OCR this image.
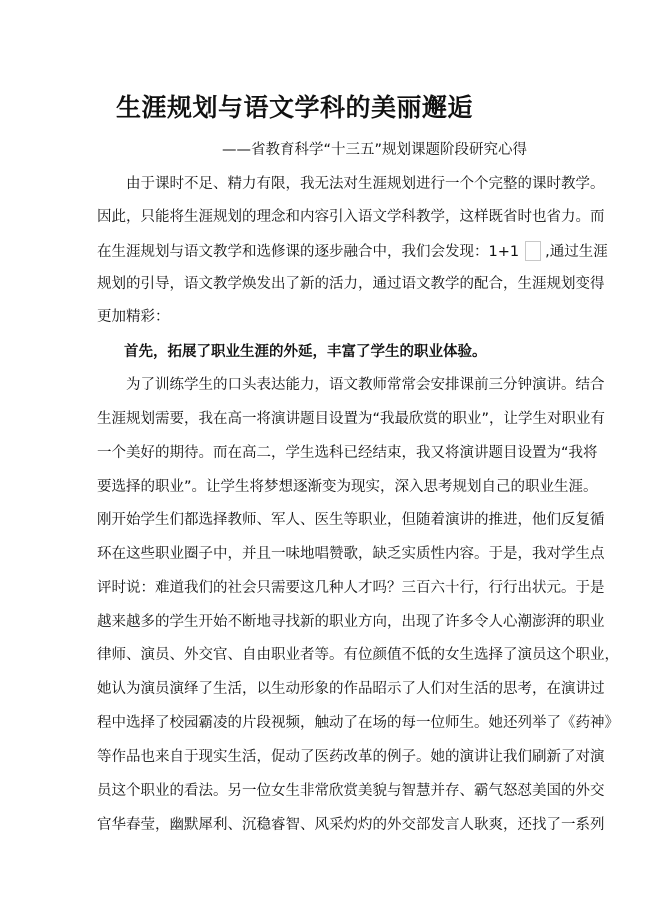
生涯规划与语文学科的美丽邂逅

——省教育科学“十三五”规划课题阶段研究心得

由于课时不足、精力有限，我无法对生涯规划进行一个个完整的课时教学。
因此，只能将生涯规划的理念和内容引入语文学科教学，这样既省时也省力。而
在生涯规划与语文教学和选修课的逐步融合中，我们会发现：1+1 ,通过生涯
规划的引导，语文教学焕发出了新的活力，通过语文教学的配合，生涯规划变得
更加精彩：
首先，拓展了职业生涯的外延，丰富了学生的职业体验。
为了训练学生的口头表达能力，语文教师常常会安排课前三分钟演讲。结合
生涯规划需要，我在高一将演讲题目设置为“我最欣赏的职业”，让学生对职业有
一个美好的期待。而在高二，学生选科已经结束，我又将演讲题目设置为“我将
要选择的职业”。让学生将梦想逐渐变为现实，深入思考规划自己的职业生涯。
刚开始学生们都选择教师、军人、医生等职业，但随着演讲的推进，他们反复循
环在这些职业圈子中，并且一味地唱赞歌，缺乏实质性内容。于是，我对学生点
评时说：难道我们的社会只需要这几种人才吗？三百六十行，行行出状元。于是
越来越多的学生开始不断地寻找新的职业方向，出现了许多令人心潮澎湃的职业
律师、演员、外交官、自由职业者等。有位颜值不低的女生选择了演员这个职业，
她认为演员演绎了生活，以生动形象的作品昭示了人们对生活的思考，在演讲过
程中选择了校园霸凌的片段视频，触动了在场的每一位师生。她还列举了《药神》
等作品也来自于现实生活，促动了医药改革的例子。她的演讲让我们刷新了对演
员这个职业的看法。另一位女生非常欣赏美貌与智慧并存、霸气怒怼美国的外交
官华春莹，幽默犀利、沉稳睿智、风采灼灼的外交部发言人耿爽，还找了一系列
